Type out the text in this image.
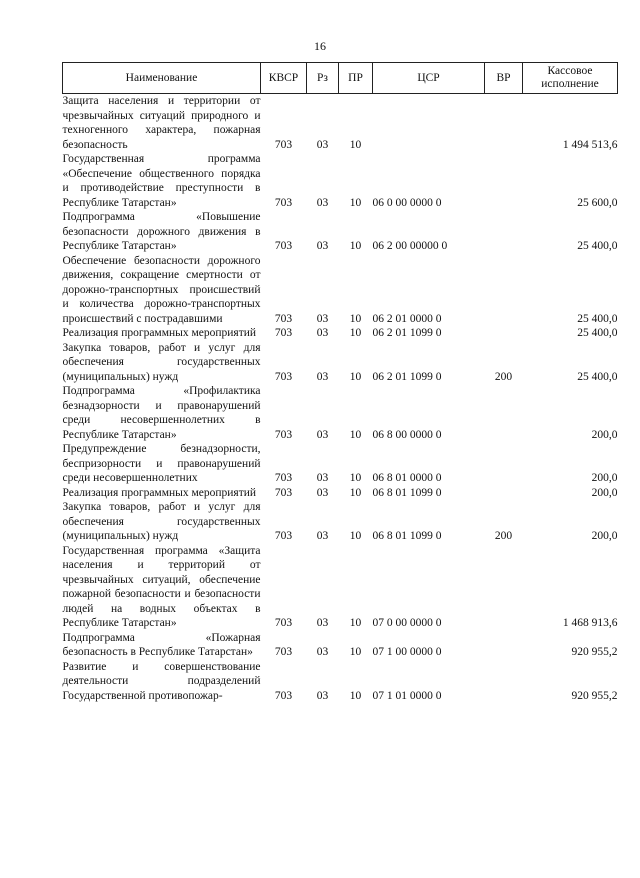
16
Наименование	КВСР	Рз	ПР	ЦСР	ВР	Кассовое исполнение
Защита населения и территории от чрезвычайных ситуаций природного и техногенного характера, пожарная безопасность	703	03	10			1 494 513,6
Государственная программа «Обеспечение общественного порядка и противодействие преступности в Республике Татарстан»	703	03	10	06 0 00 0000 0		25 600,0
Подпрограмма «Повышение безопасности дорожного движения в Республике Татарстан»	703	03	10	06 2 00 00000 0		25 400,0
Обеспечение безопасности дорожного движения, сокращение смертности от дорожно-транспортных происшествий и количества дорожно-транспортных происшествий с пострадавшими	703	03	10	06 2 01 0000 0		25 400,0
Реализация программных мероприятий	703	03	10	06 2 01 1099 0		25 400,0
Закупка товаров, работ и услуг для обеспечения государственных (муниципальных) нужд	703	03	10	06 2 01 1099 0	200	25 400,0
Подпрограмма «Профилактика безнадзорности и правонарушений среди несовершеннолетних в Республике Татарстан»	703	03	10	06 8 00 0000 0		200,0
Предупреждение безнадзорности, беспризорности и правонарушений среди несовершеннолетних	703	03	10	06 8 01 0000 0		200,0
Реализация программных мероприятий	703	03	10	06 8 01 1099 0		200,0
Закупка товаров, работ и услуг для обеспечения государственных (муниципальных) нужд	703	03	10	06 8 01 1099 0	200	200,0
Государственная программа «Защита населения и территорий от чрезвычайных ситуаций, обеспечение пожарной безопасности и безопасности людей на водных объектах в Республике Татарстан»	703	03	10	07 0 00 0000 0		1 468 913,6
Подпрограмма «Пожарная безопасность в Республике Татарстан»	703	03	10	07 1 00 0000 0		920 955,2
Развитие и совершенствование деятельности подразделений Государственной противопожар-	703	03	10	07 1 01 0000 0		920 955,2
